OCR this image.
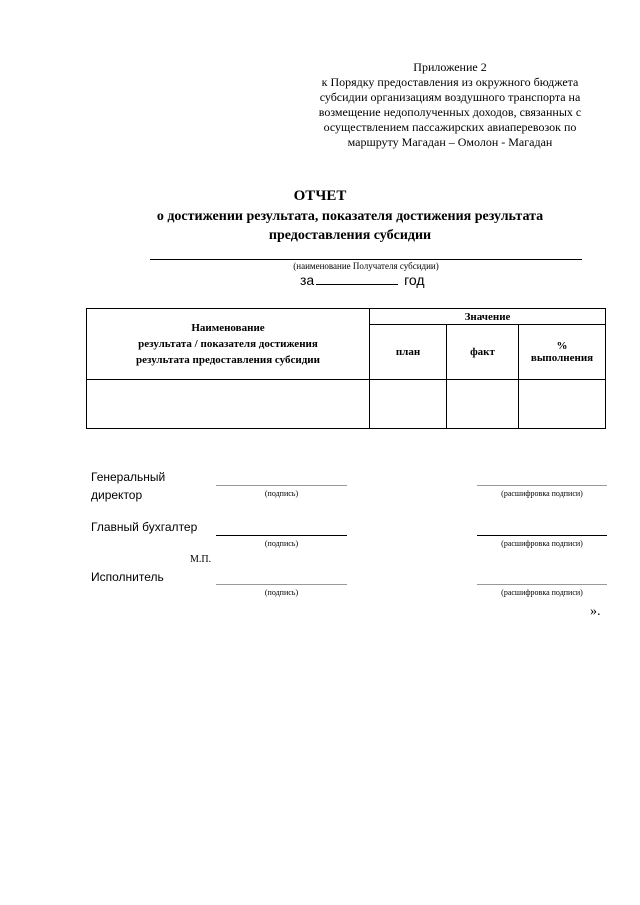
Приложение 2
к Порядку предоставления из окружного бюджета
субсидии организациям воздушного транспорта на
возмещение недополученных доходов, связанных с
осуществлением пассажирских авиаперевозок по
маршруту Магадан – Омолон - Магадан
ОТЧЕТ
о достижении результата, показателя достижения результата
предоставления субсидии
(наименование Получателя субсидии)
за	год
Наименование
результата / показателя достижения
результата предоставления субсидии	Значение		
	план	факт	%
выполнения

Генеральный
директор	(подпись)	(расшифровка подписи)
Главный бухгалтер
(подпись)	(расшифровка подписи)
М.П.
Исполнитель
(подпись)	(расшифровка подписи)
».
